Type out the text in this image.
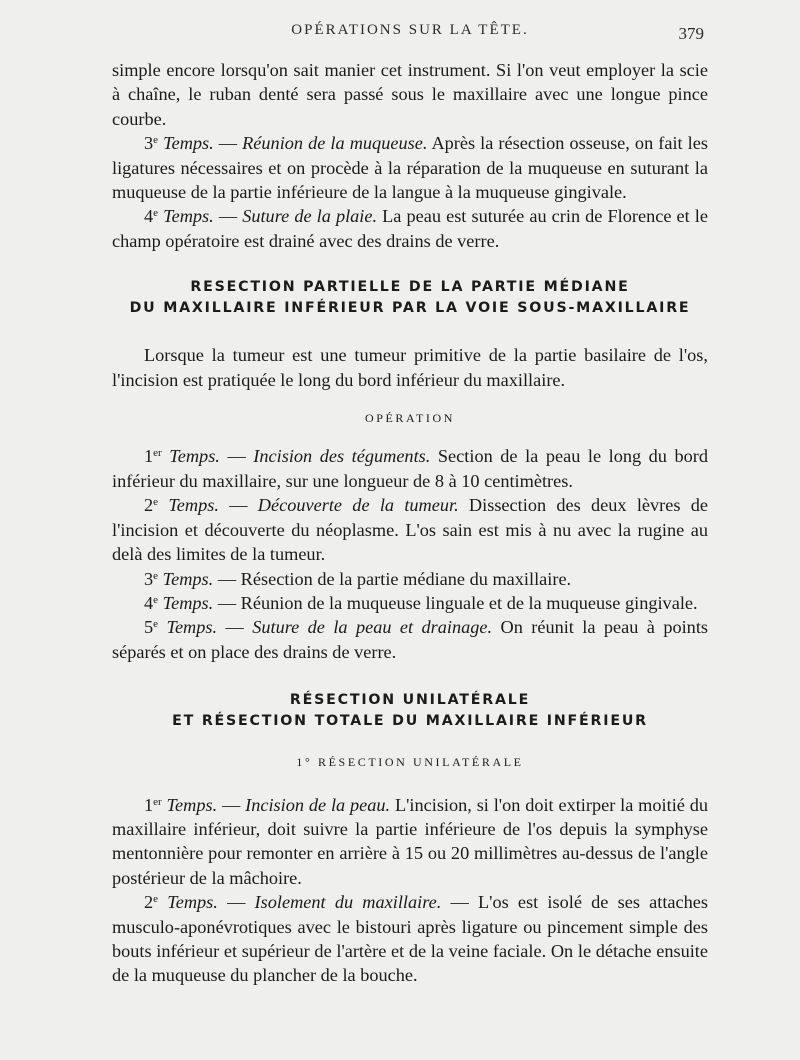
OPÉRATIONS SUR LA TÊTE.	379

simple encore lorsqu'on sait manier cet instrument. Si l'on veut employer la scie à chaîne, le ruban denté sera passé sous le maxillaire avec une longue pince courbe.

3e Temps. — Réunion de la muqueuse. Après la résection osseuse, on fait les ligatures nécessaires et on procède à la réparation de la muqueuse en suturant la muqueuse de la partie inférieure de la langue à la muqueuse gingivale.

4e Temps. — Suture de la plaie. La peau est suturée au crin de Florence et le champ opératoire est drainé avec des drains de verre.

RESECTION PARTIELLE DE LA PARTIE MÉDIANE

DU MAXILLAIRE INFÉRIEUR PAR LA VOIE SOUS-MAXILLAIRE

Lorsque la tumeur est une tumeur primitive de la partie basilaire de l'os, l'incision est pratiquée le long du bord inférieur du maxillaire.

OPÉRATION

1er Temps. — Incision des téguments. Section de la peau le long du bord inférieur du maxillaire, sur une longueur de 8 à 10 centimètres.

2e Temps. — Découverte de la tumeur. Dissection des deux lèvres de l'incision et découverte du néoplasme. L'os sain est mis à nu avec la rugine au delà des limites de la tumeur.

3e Temps. — Résection de la partie médiane du maxillaire.

4e Temps. — Réunion de la muqueuse linguale et de la muqueuse gingivale.

5e Temps. — Suture de la peau et drainage. On réunit la peau à points séparés et on place des drains de verre.

RÉSECTION UNILATÉRALE

ET RÉSECTION TOTALE DU MAXILLAIRE INFÉRIEUR

1° RÉSECTION UNILATÉRALE

1er Temps. — Incision de la peau. L'incision, si l'on doit extirper la moitié du maxillaire inférieur, doit suivre la partie inférieure de l'os depuis la symphyse mentonnière pour remonter en arrière à 15 ou 20 millimètres au-dessus de l'angle postérieur de la mâchoire.

2e Temps. — Isolement du maxillaire. — L'os est isolé de ses attaches musculo-aponévrotiques avec le bistouri après ligature ou pincement simple des bouts inférieur et supérieur de l'artère et de la veine faciale. On le détache ensuite de la muqueuse du plancher de la bouche.
